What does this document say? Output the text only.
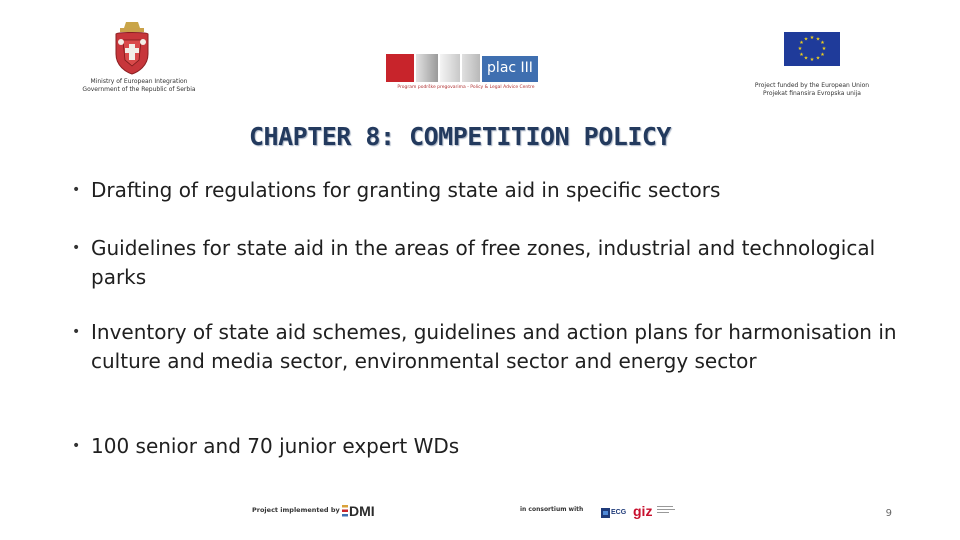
Ministry of European Integration
Government of the Republic of Serbia
plac III
Program podrške pregovarima - Policy & Legal Advice Centre
★ ★
★
★
★
★
★
★
★
★
★
★
Project funded by the European Union
Projekat finansira Evropska unija
CHAPTER 8: COMPETITION POLICY
• Drafting of regulations for granting state aid in specific sectors
• Guidelines for state aid in the areas of free zones, industrial and technological parks
• Inventory of state aid schemes, guidelines and action plans for harmonisation in culture and media sector, environmental sector and energy sector
• 100 senior and 70 junior expert WDs
Project implemented by DMI	in consortium with	ECG giz	9
